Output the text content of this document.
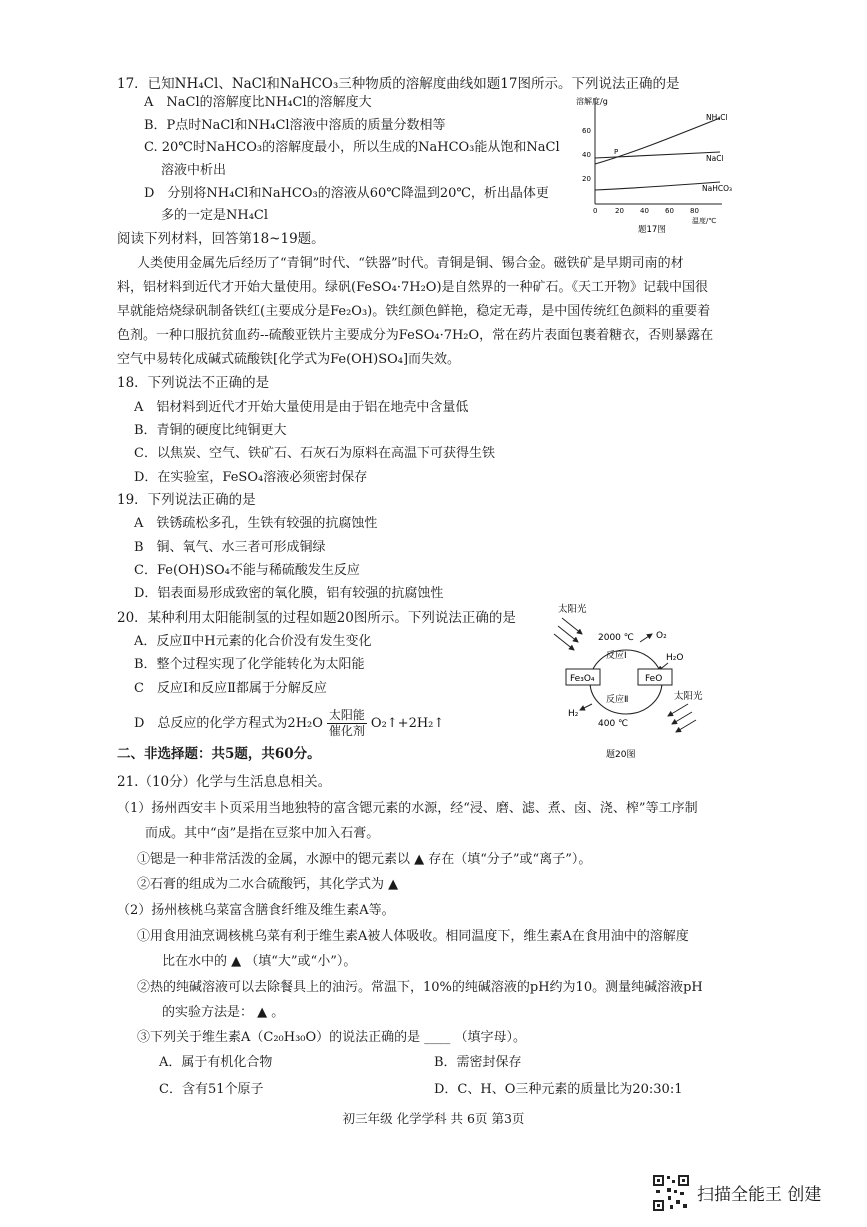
17．已知NH₄Cl、NaCl和NaHCO₃三种物质的溶解度曲线如题17图所示。下列说法正确的是
A　NaCl的溶解度比NH₄Cl的溶解度大
B．P点时NaCl和NH₄Cl溶液中溶质的质量分数相等
C. 20℃时NaHCO₃的溶解度最小，所以生成的NaHCO₃能从饱和NaCl
溶液中析出
D　分别将NH₄Cl和NaHCO₃的溶液从60℃降温到20℃，析出晶体更
多的一定是NH₄Cl
溶解度/g
60
40
20
0	20 40 60 80
温度/℃
P
NH₄Cl
NaCl
NaHCO₃
题17图
阅读下列材料，回答第18~19题。
人类使用金属先后经历了“青铜”时代、“铁器”时代。青铜是铜、锡合金。磁铁矿是早期司南的材
料，铝材料到近代才开始大量使用。绿矾(FeSO₄·7H₂O)是自然界的一种矿石。《天工开物》记载中国很
早就能焙烧绿矾制备铁红(主要成分是Fe₂O₃)。铁红颜色鲜艳，稳定无毒，是中国传统红色颜料的重要着
色剂。一种口服抗贫血药--硫酸亚铁片主要成分为FeSO₄·7H₂O，常在药片表面包裹着糖衣，否则暴露在
空气中易转化成碱式硫酸铁[化学式为Fe(OH)SO₄]而失效。
18．下列说法不正确的是
A　铝材料到近代才开始大量使用是由于铝在地壳中含量低
B．青铜的硬度比纯铜更大
C．以焦炭、空气、铁矿石、石灰石为原料在高温下可获得生铁
D．在实验室，FeSO₄溶液必须密封保存
19．下列说法正确的是
A　铁锈疏松多孔，生铁有较强的抗腐蚀性
B　铜、氧气、水三者可形成铜绿
C．Fe(OH)SO₄不能与稀硫酸发生反应
D．铝表面易形成致密的氧化膜，铝有较强的抗腐蚀性
20．某种利用太阳能制氢的过程如题20图所示。下列说法正确的是
A．反应Ⅱ中H元素的化合价没有发生变化
B．整个过程实现了化学能转化为太阳能
C　反应Ⅰ和反应Ⅱ都属于分解反应
D　总反应的化学方程式为$2H_2O \frac{\text{太阳能}}{\text{催化剂}}$ O₂↑+2H₂↑
太阳光
2000 ℃ O₂
反应Ⅰ	H₂O
Fe₃O₄	FeO
反应Ⅱ	太阳光
H₂
400 ℃
题20图
二、非选择题：共5题，共60分。
21.（10分）化学与生活息息相关。
（1）扬州西安丰卜页采用当地独特的富含锶元素的水源，经“浸、磨、滤、煮、卤、浇、榨”等工序制
而成。其中“卤”是指在豆浆中加入石膏。
①锶是一种非常活泼的金属，水源中的锶元素以 ▲ 存在（填“分子”或“离子”）。
②石膏的组成为二水合硫酸钙，其化学式为 ▲
（2）扬州核桃乌菜富含膳食纤维及维生素A等。
①用食用油烹调核桃乌菜有利于维生素A被人体吸收。相同温度下，维生素A在食用油中的溶解度
比在水中的 ▲ （填“大”或“小”）。
②热的纯碱溶液可以去除餐具上的油污。常温下，10%的纯碱溶液的pH约为10。测量纯碱溶液pH
的实验方法是： ▲ 。
③下列关于维生素A（C₂₀H₃₀O）的说法正确的是 ____ （填字母）。
A．属于有机化合物	B．需密封保存
C．含有51个原子	D．C、H、O三种元素的质量比为20:30:1
初三年级 化学学科 共 6页 第3页
扫描全能王 创建
